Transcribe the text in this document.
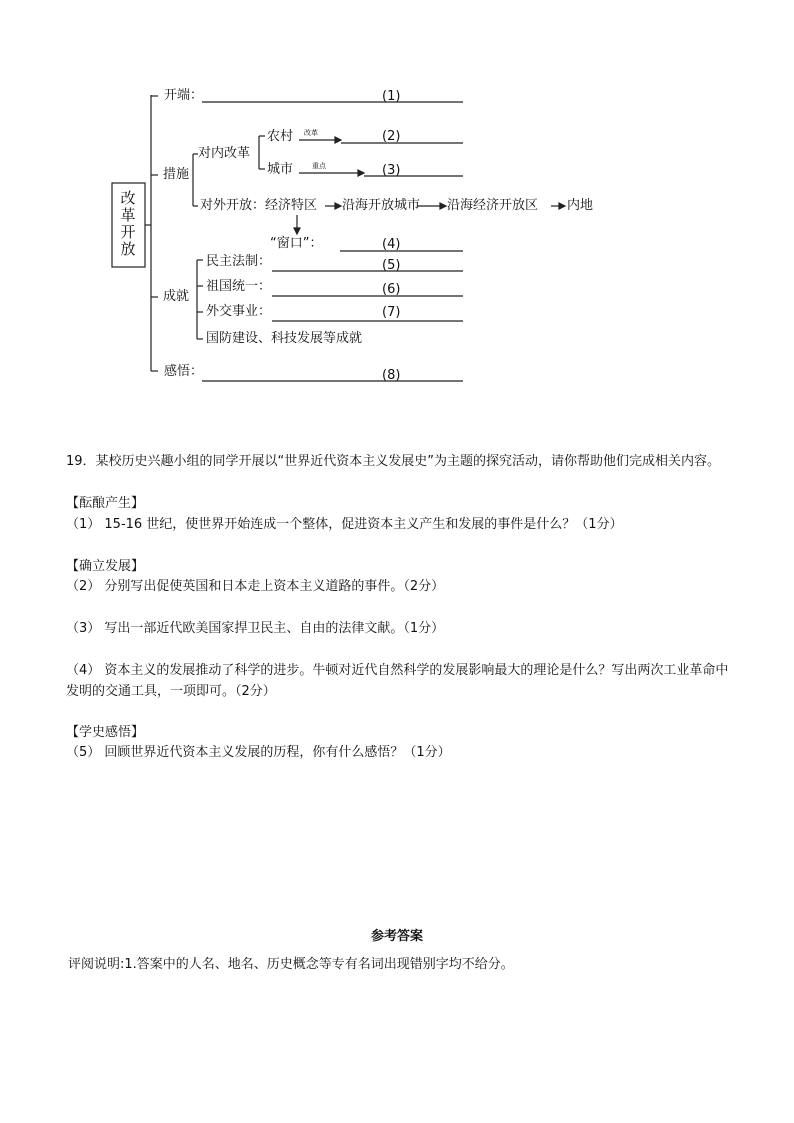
改革开放
开端：	(1)
措施
对内改革
农村 改革	(2)
城市	重点	(3)
对外开放：经济特区 沿海开放城市 沿海经济开放区 内地
“窗口”：	(4)
民主法制：	(5)
成就
祖国统一：	(6)
外交事业：	(7)
国防建设、科技发展等成就
感悟：	(8)
19．某校历史兴趣小组的同学开展以“世界近代资本主义发展史”为主题的探究活动，请你帮助他们完成相关内容。
【酝酿产生】
（1） 15-16 世纪，使世界开始连成一个整体，促进资本主义产生和发展的事件是什么？（1分）
【确立发展】
（2） 分别写出促使英国和日本走上资本主义道路的事件。（2分）
（3） 写出一部近代欧美国家捍卫民主、自由的法律文献。（1分）
（4） 资本主义的发展推动了科学的进步。牛顿对近代自然科学的发展影响最大的理论是什么？写出两次工业革命中发明的交通工具，一项即可。（2分）
【学史感悟】
（5） 回顾世界近代资本主义发展的历程，你有什么感悟？（1分）
参考答案
评阅说明:1.答案中的人名、地名、历史概念等专有名词出现错别字均不给分。
